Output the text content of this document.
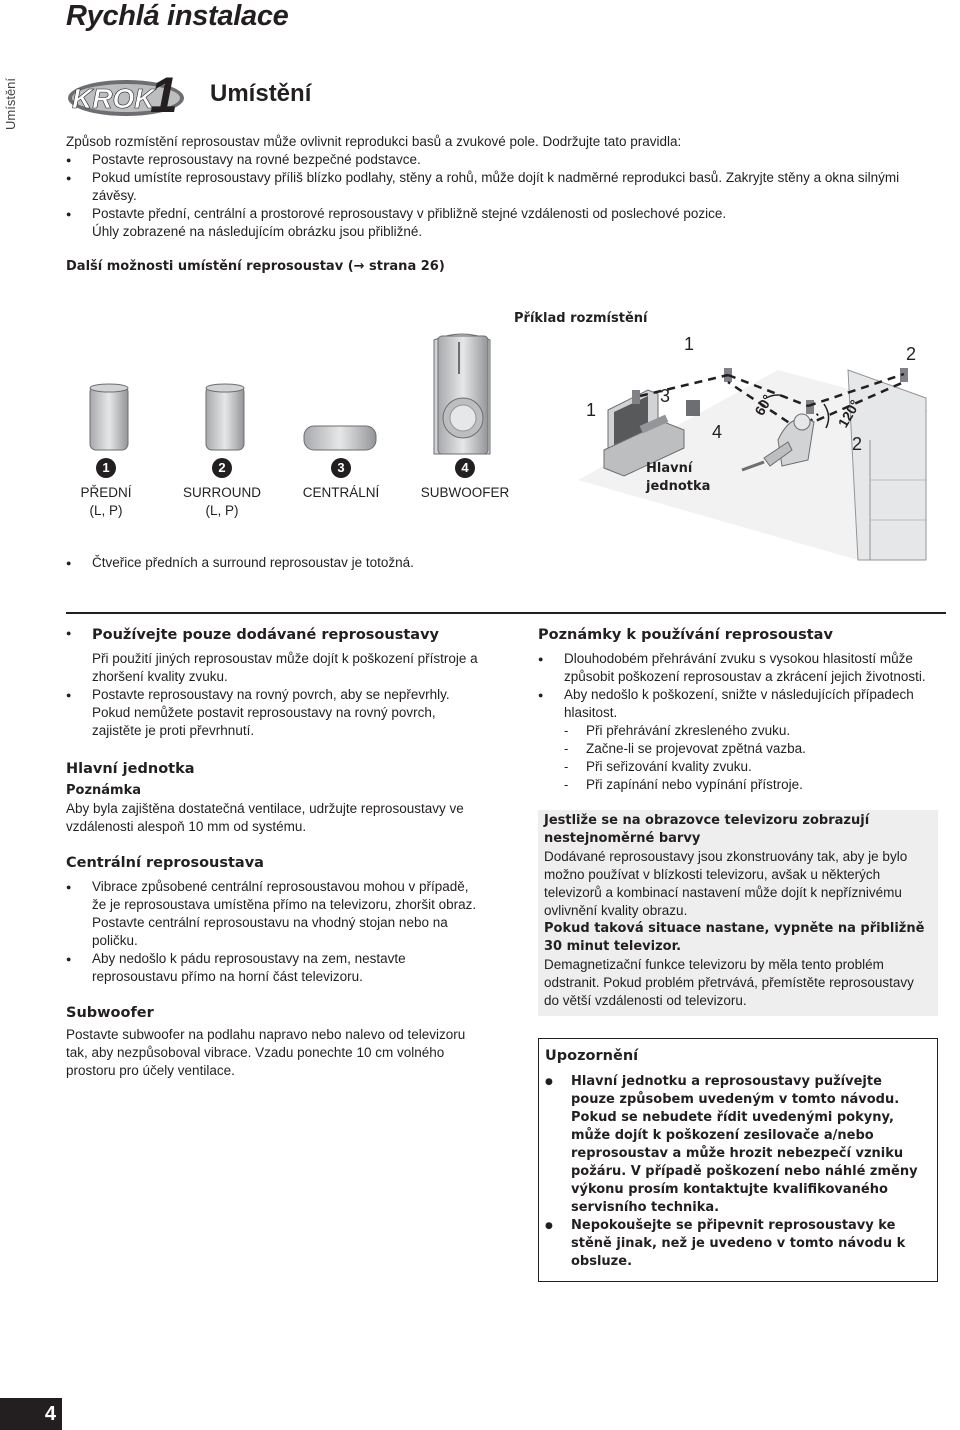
Rychlá instalace
Umístění KROK
1 Umístění

Způsob rozmístění reprosoustav může ovlivnit reprodukci basů a zvukové pole. Dodržujte tato pravidla:

● Postavte reprosoustavy na rovné bezpečné podstavce.
● Pokud umístíte reprosoustavy příliš blízko podlahy, stěny a rohů, může dojít k nadměrné reprodukci basů. Zakryjte stěny a okna silnými závěsy.
● Postavte přední, centrální a prostorové reprosoustavy v přibližně stejné vzdálenosti od poslechové pozice.

Úhly zobrazené na následujícím obrázku jsou přibližné.

Další možnosti umístění reprosoustav (→ strana 26)
1
PŘEDNÍ
(L, P)
2
SURROUND
(L, P)
3
CENTRÁLNÍ
4
SUBWOOFER
Příklad rozmístění
1	2
1
3
4
2
60°	120°
Hlavní
jednotka
● Čtveřice předních a surround reprosoustav je totožná.
● Používejte pouze dodávané reprosoustavy
Při použití jiných reprosoustav může dojít k poškození přístroje a zhoršení kvality zvuku.
● Postavte reprosoustavy na rovný povrch, aby se nepřevrhly. Pokud nemůžete postavit reprosoustavy na rovný povrch, zajistěte je proti převrhnutí.
Hlavní jednotka
Poznámka
Aby byla zajištěna dostatečná ventilace, udržujte reprosoustavy ve vzdálenosti alespoň 10 mm od systému.
Centrální reprosoustava
● Vibrace způsobené centrální reprosoustavou mohou v případě, že je reprosoustava umístěna přímo na televizoru, zhoršit obraz. Postavte centrální reprosoustavu na vhodný stojan nebo na poličku.
● Aby nedošlo k pádu reprosoustavy na zem, nestavte reprosoustavu přímo na horní část televizoru.
Subwoofer
Postavte subwoofer na podlahu napravo nebo nalevo od televizoru tak, aby nezpůsoboval vibrace. Vzadu ponechte 10 cm volného prostoru pro účely ventilace.
Poznámky k používání reprosoustav
● Dlouhodobém přehrávání zvuku s vysokou hlasitostí může způsobit poškození reprosoustav a zkrácení jejich životnosti.
● Aby nedošlo k poškození, snižte v následujících případech hlasitost.
- Při přehrávání zkresleného zvuku.
- Začne-li se projevovat zpětná vazba.
- Při seřizování kvality zvuku.
- Při zapínání nebo vypínání přístroje.
Jestliže se na obrazovce televizoru zobrazují nestejnoměrné barvy
Dodávané reprosoustavy jsou zkonstruovány tak, aby je bylo možno používat v blízkosti televizoru, avšak u některých televizorů a kombinací nastavení může dojít k nepříznivému ovlivnění kvality obrazu.
Pokud taková situace nastane, vypněte na přibližně 30 minut televizor.
Demagnetizační funkce televizoru by měla tento problém odstranit. Pokud problém přetrvává, přemístěte reprosoustavy do větší vzdálenosti od televizoru.
Upozornění
● Hlavní jednotku a reprosoustavy pužívejte pouze způsobem uvedeným v tomto návodu. Pokud se nebudete řídit uvedenými pokyny, může dojít k poškození zesilovače a/nebo reprosoustav a může hrozit nebezpečí vzniku požáru. V případě poškození nebo náhlé změny výkonu prosím kontaktujte kvalifikovaného servisního technika.
● Nepokoušejte se připevnit reprosoustavy ke stěně jinak, než je uvedeno v tomto návodu k obsluze.
4
